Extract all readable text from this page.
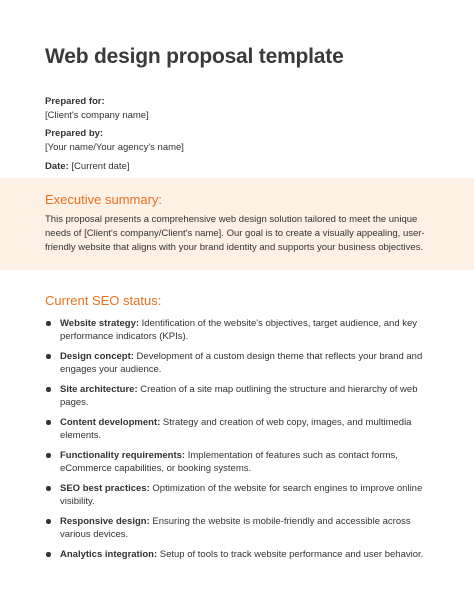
Web design proposal template
Prepared for:
[Client's company name]
Prepared by:
[Your name/Your agency's name]
Date: [Current date]
Executive summary:
This proposal presents a comprehensive web design solution tailored to meet the unique needs of [Client's company/Client's name]. Our goal is to create a visually appealing, user-friendly website that aligns with your brand identity and supports your business objectives.
Current SEO status:
Website strategy: Identification of the website's objectives, target audience, and key performance indicators (KPIs).
Design concept: Development of a custom design theme that reflects your brand and engages your audience.
Site architecture: Creation of a site map outlining the structure and hierarchy of web pages.
Content development: Strategy and creation of web copy, images, and multimedia elements.
Functionality requirements: Implementation of features such as contact forms, eCommerce capabilities, or booking systems.
SEO best practices: Optimization of the website for search engines to improve online visibility.
Responsive design: Ensuring the website is mobile-friendly and accessible across various devices.
Analytics integration: Setup of tools to track website performance and user behavior.
